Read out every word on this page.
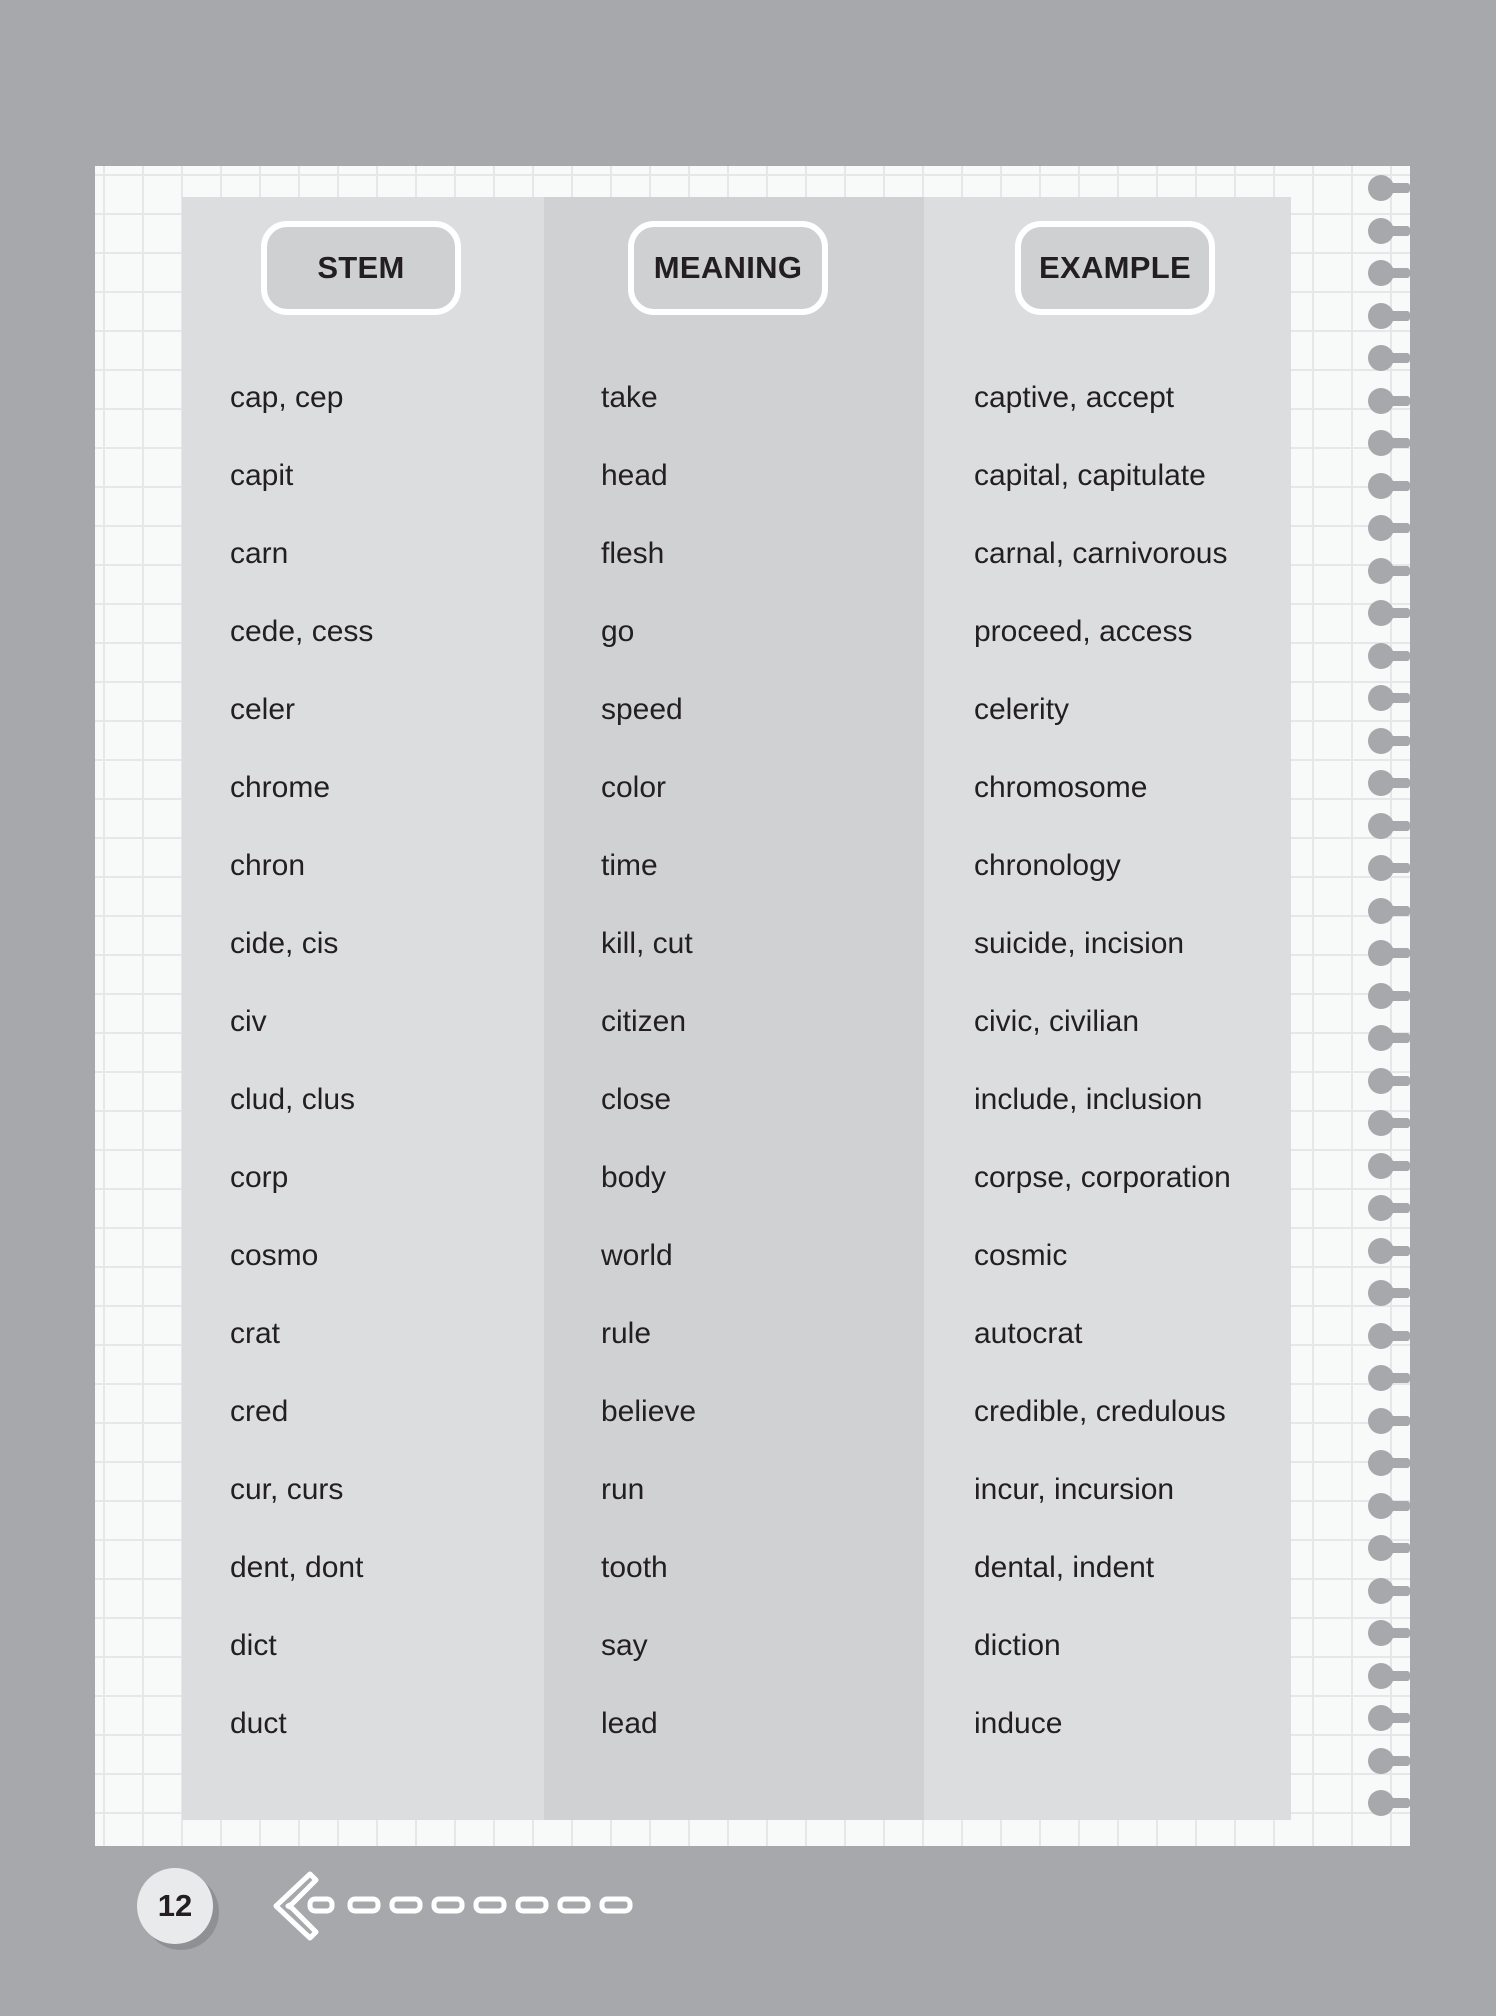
STEM
cap, cep
capit
carn
cede, cess
celer
chrome
chron
cide, cis
civ
clud, clus
corp
cosmo
crat
cred
cur, curs
dent, dont
dict
duct
MEANING
take
head
flesh
go
speed
color
time
kill, cut
citizen
close
body
world
rule
believe
run
tooth
say
lead
EXAMPLE
captive, accept
capital, capitulate
carnal, carnivorous
proceed, access
celerity
chromosome
chronology
suicide, incision
civic, civilian
include, inclusion
corpse, corporation
cosmic
autocrat
credible, credulous
incur, incursion
dental, indent
diction
induce
12
